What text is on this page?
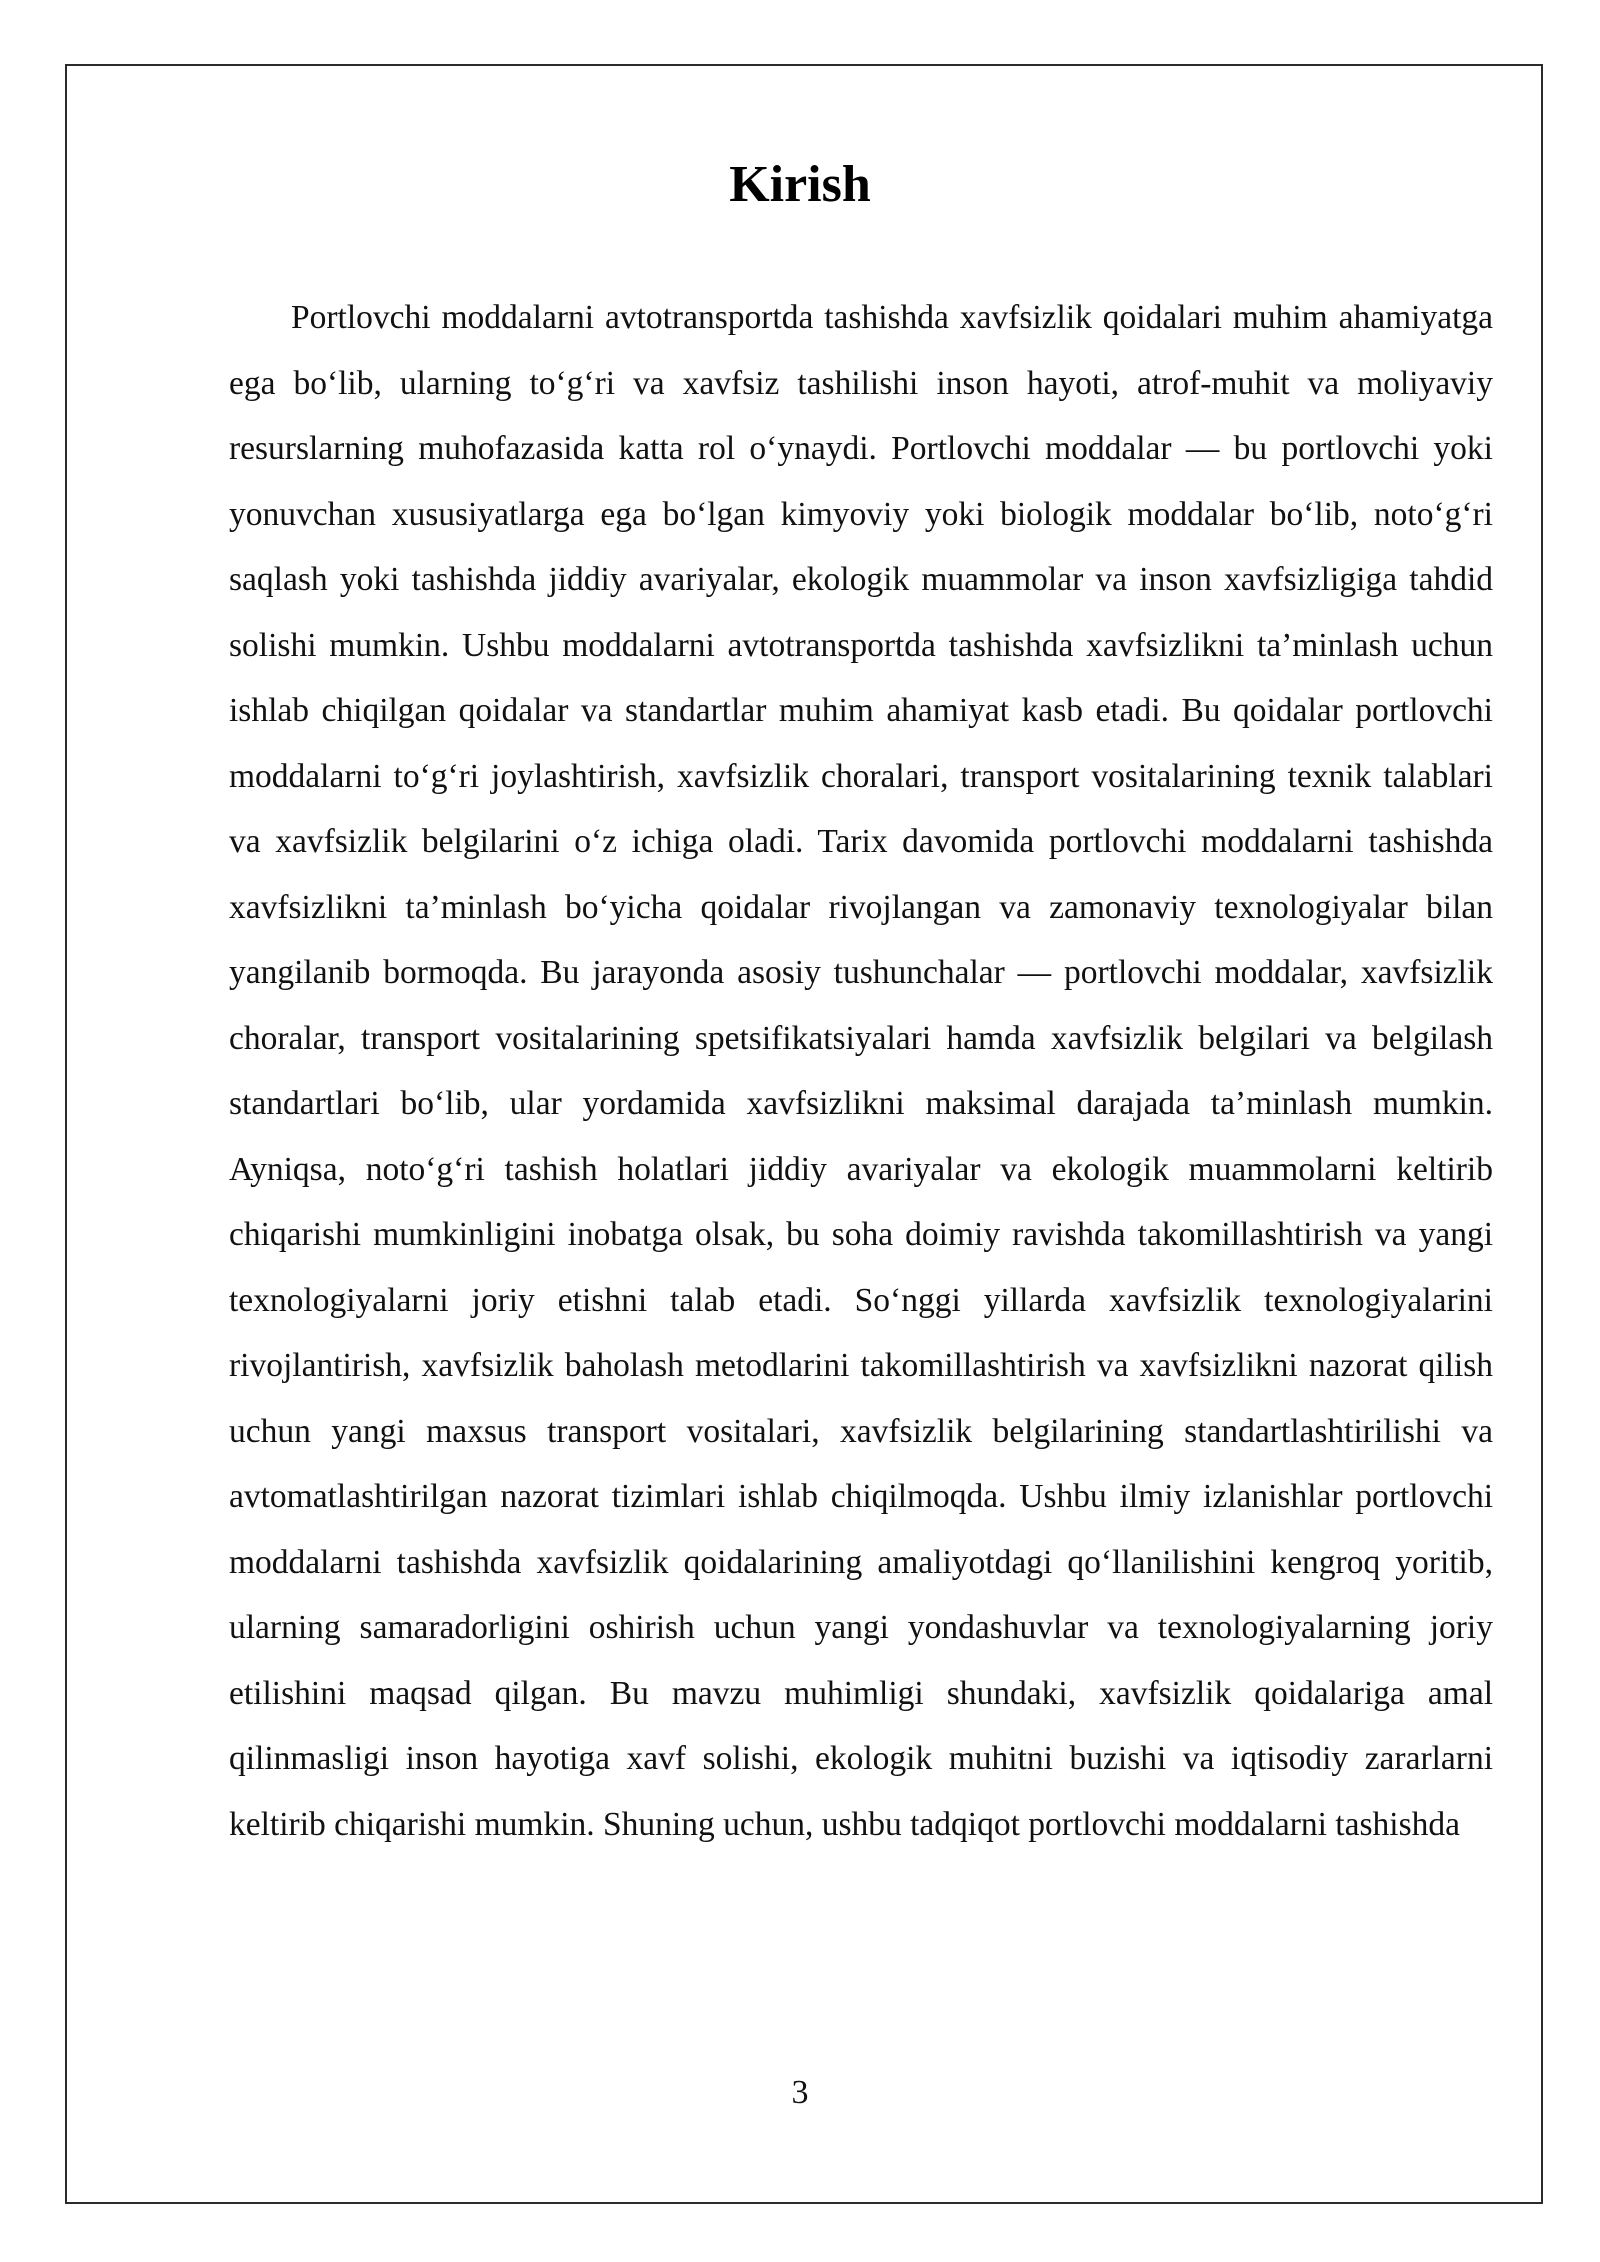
Kirish

Portlovchi moddalarni avtotransportda tashishda xavfsizlik qoidalari muhim ahamiyatga ega bo‘lib, ularning to‘g‘ri va xavfsiz tashilishi inson hayoti, atrof-muhit va moliyaviy resurslarning muhofazasida katta rol o‘ynaydi. Portlovchi moddalar — bu portlovchi yoki yonuvchan xususiyatlarga ega bo‘lgan kimyoviy yoki biologik moddalar bo‘lib, noto‘g‘ri saqlash yoki tashishda jiddiy avariyalar, ekologik muammolar va inson xavfsizligiga tahdid solishi mumkin. Ushbu moddalarni avtotransportda tashishda xavfsizlikni ta’minlash uchun ishlab chiqilgan qoidalar va standartlar muhim ahamiyat kasb etadi. Bu qoidalar portlovchi moddalarni to‘g‘ri joylashtirish, xavfsizlik choralari, transport vositalarining texnik talablari va xavfsizlik belgilarini o‘z ichiga oladi. Tarix davomida portlovchi moddalarni tashishda xavfsizlikni ta’minlash bo‘yicha qoidalar rivojlangan va zamonaviy texnologiyalar bilan yangilanib bormoqda. Bu jarayonda asosiy tushunchalar — portlovchi moddalar, xavfsizlik choralar, transport vositalarining spetsifikatsiyalari hamda xavfsizlik belgilari va belgilash standartlari bo‘lib, ular yordamida xavfsizlikni maksimal darajada ta’minlash mumkin. Ayniqsa, noto‘g‘ri tashish holatlari jiddiy avariyalar va ekologik muammolarni keltirib chiqarishi mumkinligini inobatga olsak, bu soha doimiy ravishda takomillashtirish va yangi texnologiyalarni joriy etishni talab etadi. So‘nggi yillarda xavfsizlik texnologiyalarini rivojlantirish, xavfsizlik baholash metodlarini takomillashtirish va xavfsizlikni nazorat qilish uchun yangi maxsus transport vositalari, xavfsizlik belgilarining standartlashtirilishi va avtomatlashtirilgan nazorat tizimlari ishlab chiqilmoqda. Ushbu ilmiy izlanishlar portlovchi moddalarni tashishda xavfsizlik qoidalarining amaliyotdagi qo‘llanilishini kengroq yoritib, ularning samaradorligini oshirish uchun yangi yondashuvlar va texnologiyalarning joriy etilishini maqsad qilgan. Bu mavzu muhimligi shundaki, xavfsizlik qoidalariga amal qilinmasligi inson hayotiga xavf solishi, ekologik muhitni buzishi va iqtisodiy zararlarni keltirib chiqarishi mumkin. Shuning uchun, ushbu tadqiqot portlovchi moddalarni tashishda

3
